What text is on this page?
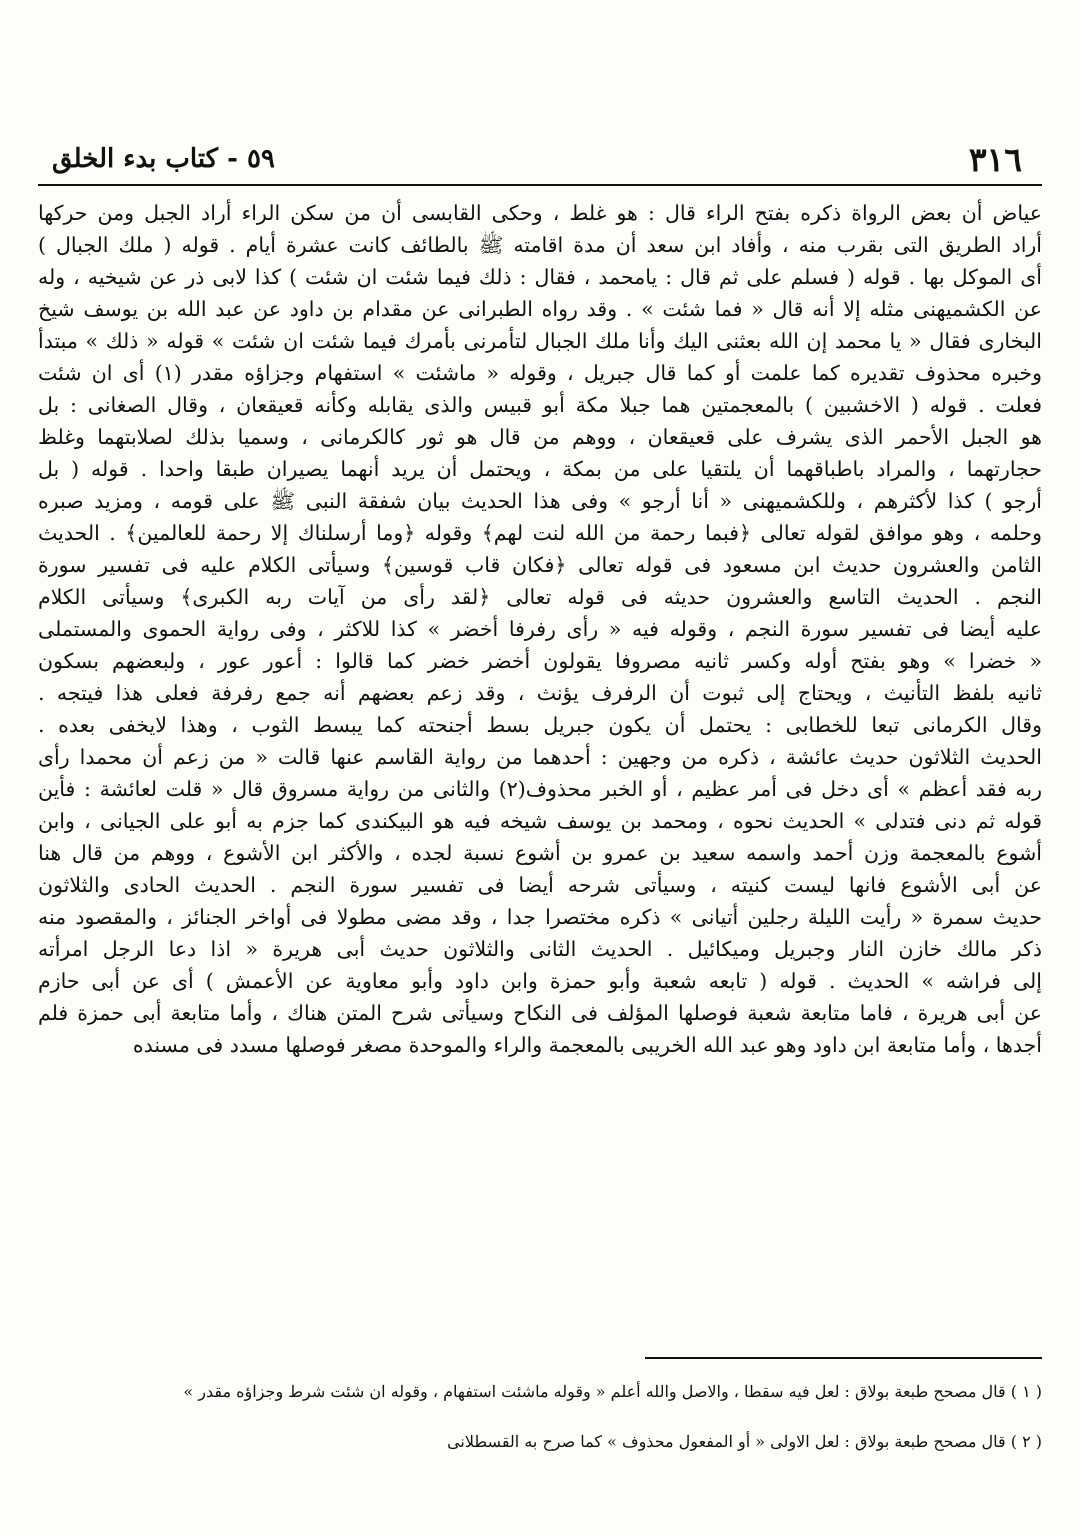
٣١٦
٥٩ - كتاب بدء الخلق
عياض أن بعض الرواة ذكره بفتح الراء قال : هو غلط ، وحكى القابسى أن من سكن الراء أراد الجبل ومن حركها
أراد الطريق التى بقرب منه ، وأفاد ابن سعد أن مدة اقامته ﷺ بالطائف كانت عشرة أيام . قوله ( ملك الجبال )
أى الموكل بها . قوله ( فسلم على ثم قال : يامحمد ، فقال : ذلك فيما شئت ان شئت ) كذا لابى ذر عن شيخيه ، وله
عن الكشميهنى مثله إلا أنه قال « فما شئت » . وقد رواه الطبرانى عن مقدام بن داود عن عبد الله بن يوسف شيخ
البخارى فقال « يا محمد إن الله بعثنى اليك وأنا ملك الجبال لتأمرنى بأمرك فيما شئت ان شئت » قوله « ذلك » مبتدأ
وخبره محذوف تقديره كما علمت أو كما قال جبريل ، وقوله « ماشئت » استفهام وجزاؤه مقدر (١) أى ان شئت
فعلت . قوله ( الاخشبين ) بالمعجمتين هما جبلا مكة أبو قبيس والذى يقابله وكأنه قعيقعان ، وقال الصغانى : بل
هو الجبل الأحمر الذى يشرف على قعيقعان ، ووهم من قال هو ثور كالكرمانى ، وسميا بذلك لصلابتهما وغلظ
حجارتهما ، والمراد باطباقهما أن يلتقيا على من بمكة ، ويحتمل أن يريد أنهما يصيران طبقا واحدا . قوله ( بل
أرجو ) كذا لأكثرهم ، وللكشميهنى « أنا أرجو » وفى هذا الحديث بيان شفقة النبى ﷺ على قومه ، ومزيد صبره
وحلمه ، وهو موافق لقوله تعالى ﴿فبما رحمة من الله لنت لهم﴾ وقوله ﴿وما أرسلناك إلا رحمة للعالمين﴾ . الحديث
الثامن والعشرون حديث ابن مسعود فى قوله تعالى ﴿فكان قاب قوسين﴾ وسيأتى الكلام عليه فى تفسير سورة
النجم . الحديث التاسع والعشرون حديثه فى قوله تعالى ﴿لقد رأى من آيات ربه الكبرى﴾ وسيأتى الكلام
عليه أيضا فى تفسير سورة النجم ، وقوله فيه « رأى رفرفا أخضر » كذا للاكثر ، وفى رواية الحموى والمستملى
« خضرا » وهو بفتح أوله وكسر ثانيه مصروفا يقولون أخضر خضر كما قالوا : أعور عور ، ولبعضهم بسكون
ثانيه بلفظ التأنيث ، ويحتاج إلى ثبوت أن الرفرف يؤنث ، وقد زعم بعضهم أنه جمع رفرفة فعلى هذا فيتجه .
وقال الكرمانى تبعا للخطابى : يحتمل أن يكون جبريل بسط أجنحته كما يبسط الثوب ، وهذا لايخفى بعده .
الحديث الثلاثون حديث عائشة ، ذكره من وجهين : أحدهما من رواية القاسم عنها قالت « من زعم أن محمدا رأى
ربه فقد أعظم » أى دخل فى أمر عظيم ، أو الخبر محذوف(٢) والثانى من رواية مسروق قال « قلت لعائشة : فأين
قوله ثم دنى فتدلى » الحديث نحوه ، ومحمد بن يوسف شيخه فيه هو البيكندى كما جزم به أبو على الجيانى ، وابن
أشوع بالمعجمة وزن أحمد واسمه سعيد بن عمرو بن أشوع نسبة لجده ، والأكثر ابن الأشوع ، ووهم من قال هنا
عن أبى الأشوع فانها ليست كنيته ، وسيأتى شرحه أيضا فى تفسير سورة النجم . الحديث الحادى والثلاثون
حديث سمرة « رأيت الليلة رجلين أتيانى » ذكره مختصرا جدا ، وقد مضى مطولا فى أواخر الجنائز ، والمقصود منه
ذكر مالك خازن النار وجبريل وميكائيل . الحديث الثانى والثلاثون حديث أبى هريرة « اذا دعا الرجل امرأته
إلى فراشه » الحديث . قوله ( تابعه شعبة وأبو حمزة وابن داود وأبو معاوية عن الأعمش ) أى عن أبى حازم
عن أبى هريرة ، فاما متابعة شعبة فوصلها المؤلف فى النكاح وسيأتى شرح المتن هناك ، وأما متابعة أبى حمزة فلم
أجدها ، وأما متابعة ابن داود وهو عبد الله الخريبى بالمعجمة والراء والموحدة مصغر فوصلها مسدد فى مسنده
( ١ ) قال مصحح طبعة بولاق : لعل فيه سقطا ، والاصل والله أعلم « وقوله ماشئت استفهام ، وقوله ان شئت شرط وجزاؤه مقدر »
( ٢ ) قال مصحح طبعة بولاق : لعل الاولى « أو المفعول محذوف » كما صرح به القسطلانى
